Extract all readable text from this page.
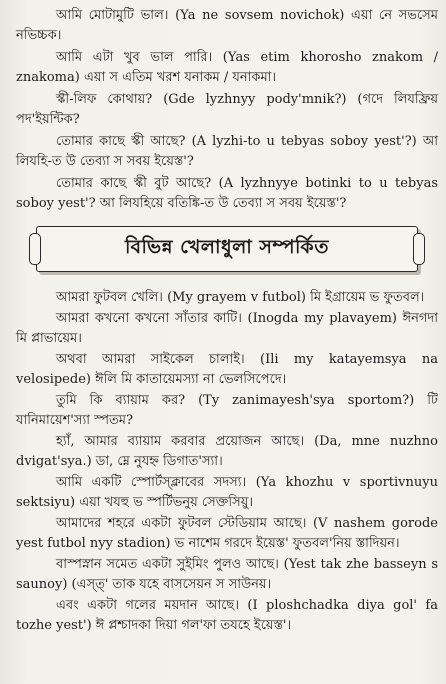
আমি মোটামুটি ভাল। (Ya ne sovsem novichok) এয়া নে সভসেম নভিচ্চক।

আমি এটা খুব ভাল পারি। (Yas etim khorosho znakom / znakoma) এয়া স এতিম খরশ যনাকম / যনাকমা।

স্কী-লিফ কোথায়? (Gde lyzhnyy pody'mnik?) (গদে লিযফ্রিয় পদ'ইয়ন্টিক?

তোমার কাছে স্কী আছে? (A lyzhi-to u tebyas soboy yest'?) আ লিযহি-ত উ তেব্যা স সবয় ইয়েস্ত'?

তোমার কাছে স্কী বুট আছে? (A lyzhnyye botinki to u tebyas soboy yest'? আ লিযহিয়ে বতিঙ্কি-ত উ তেব্যা স সবয় ইয়েস্ত'?

বিভিন্ন খেলাধুলা সম্পর্কিত

আমরা ফুটবল খেলি। (My grayem v futbol) মি ইগ্রায়েম ভ ফুতবল।

আমরা কখনো কখনো সাঁতার কাটি। (Inogda my plavayem) ঈনগদা মি প্লাভায়েম।

অথবা আমরা সাইকেল চালাই। (Ili my katayemsya na velosipede) ঈলি মি কাতায়েমস্যা না ভেলসিপেদে।

তুমি কি ব্যায়াম কর? (Ty zanimayesh'sya sportom?) টি যানিমায়েশ'স্যা স্পতম?

হ্যাঁ, আমার ব্যায়াম করবার প্রয়োজন আছে। (Da, mne nuzhno dvigat'sya.) ডা, ম্নে নুযহ্ন ডিগাত'স্যা।

আমি একটি স্পোর্টস্‌ক্লাবের সদস্য। (Ya khozhu v sportivnuyu sektsiyu) এয়া খযহু ভ স্পর্টিভনুয় সেক্তসিয়ু।

আমাদের শহরে একটা ফুটবল স্টেডিয়াম আছে। (V nashem gorode yest futbol nyy stadion) ভ নাশেম গরদে ইয়েস্ত' ফুতবল'নিয় স্তাদিয়ন।

বাস্পস্নান সমেত একটা সুইমিং পুলও আছে। (Yest tak zhe basseyn s saunoy) (এস্ত্' তাক যহে বাসসেয়ন স সাউনয়।

এবং একটা গলের ময়দান আছে। (I ploshchadka diya gol' fa tozhe yest') ঈ প্লশ্চাদকা দিয়া গল'ফা তযহে ইয়েস্ত'।
